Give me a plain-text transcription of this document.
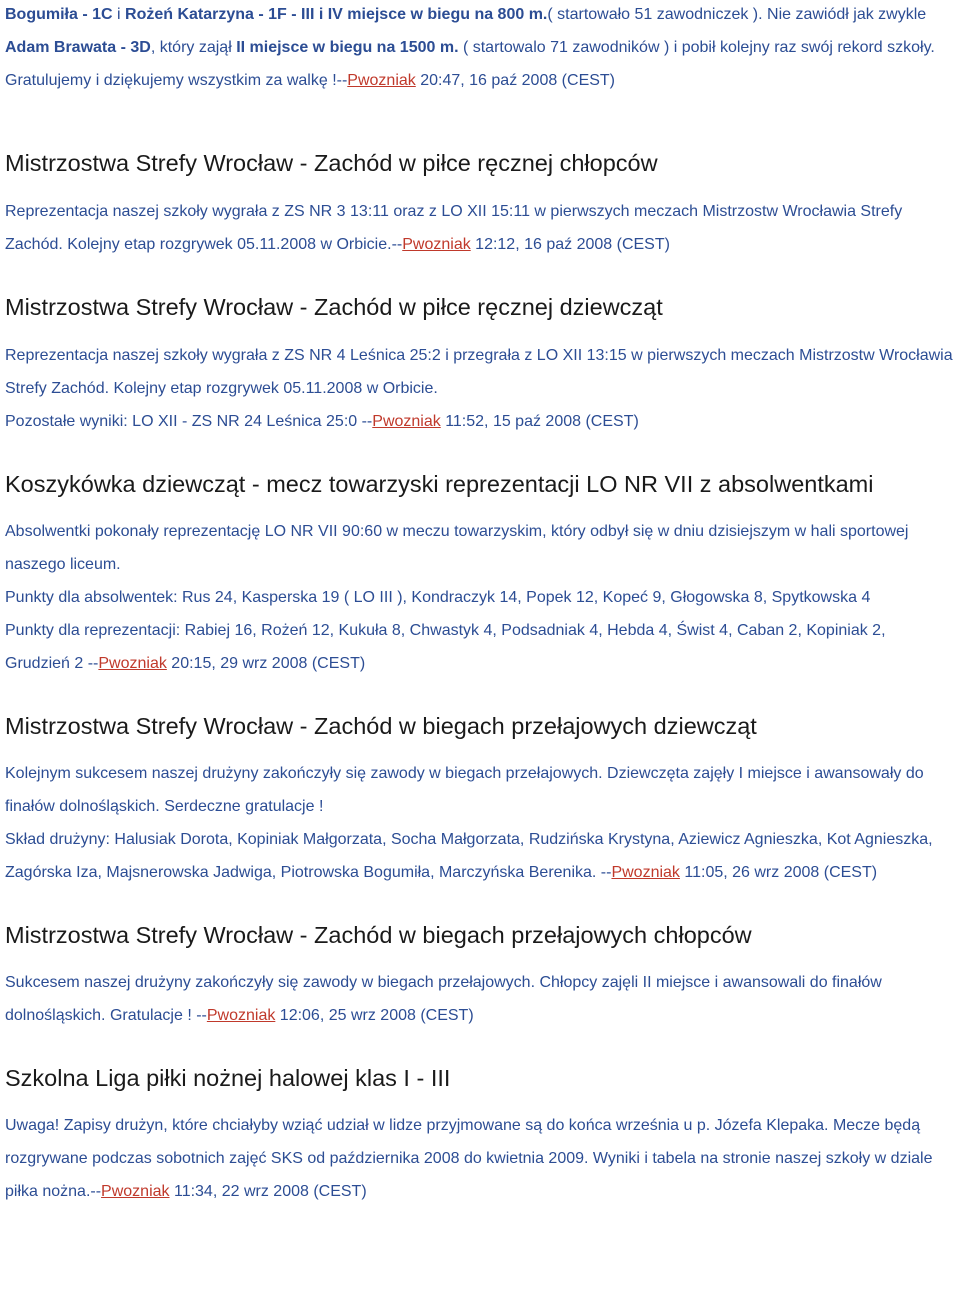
Bogumiła - 1C i Rożeń Katarzyna - 1F - III i IV miejsce w biegu na 800 m.( startowało 51 zawodniczek ). Nie zawiódł jak zwykle Adam Brawata - 3D, który zajął II miejsce w biegu na 1500 m. ( startowalo 71 zawodników ) i pobił kolejny raz swój rekord szkoły. Gratulujemy i dziękujemy wszystkim za walkę !--Pwozniak 20:47, 16 paź 2008 (CEST)

Mistrzostwa Strefy Wrocław - Zachód w piłce ręcznej chłopców

Reprezentacja naszej szkoły wygrała z ZS NR 3 13:11 oraz z LO XII 15:11 w pierwszych meczach Mistrzostw Wrocławia Strefy Zachód. Kolejny etap rozgrywek 05.11.2008 w Orbicie.--Pwozniak 12:12, 16 paź 2008 (CEST)

Mistrzostwa Strefy Wrocław - Zachód w piłce ręcznej dziewcząt

Reprezentacja naszej szkoły wygrała z ZS NR 4 Leśnica 25:2 i przegrała z LO XII 13:15 w pierwszych meczach Mistrzostw Wrocławia Strefy Zachód. Kolejny etap rozgrywek 05.11.2008 w Orbicie.

Pozostałe wyniki: LO XII - ZS NR 24 Leśnica 25:0 --Pwozniak 11:52, 15 paź 2008 (CEST)

Koszykówka dziewcząt - mecz towarzyski reprezentacji LO NR VII z absolwentkami

Absolwentki pokonały reprezentację LO NR VII 90:60 w meczu towarzyskim, który odbył się w dniu dzisiejszym w hali sportowej naszego liceum.

Punkty dla absolwentek: Rus 24, Kasperska 19 ( LO III ), Kondraczyk 14, Popek 12, Kopeć 9, Głogowska 8, Spytkowska 4

Punkty dla reprezentacji: Rabiej 16, Rożeń 12, Kukuła 8, Chwastyk 4, Podsadniak 4, Hebda 4, Świst 4, Caban 2, Kopiniak 2, Grudzień 2 --Pwozniak 20:15, 29 wrz 2008 (CEST)

Mistrzostwa Strefy Wrocław - Zachód w biegach przełajowych dziewcząt

Kolejnym sukcesem naszej drużyny zakończyły się zawody w biegach przełajowych. Dziewczęta zajęły I miejsce i awansowały do finałów dolnośląskich. Serdeczne gratulacje !

Skład drużyny: Halusiak Dorota, Kopiniak Małgorzata, Socha Małgorzata, Rudzińska Krystyna, Aziewicz Agnieszka, Kot Agnieszka, Zagórska Iza, Majsnerowska Jadwiga, Piotrowska Bogumiła, Marczyńska Berenika. --Pwozniak 11:05, 26 wrz 2008 (CEST)

Mistrzostwa Strefy Wrocław - Zachód w biegach przełajowych chłopców

Sukcesem naszej drużyny zakończyły się zawody w biegach przełajowych. Chłopcy zajęli II miejsce i awansowali do finałów dolnośląskich. Gratulacje ! --Pwozniak 12:06, 25 wrz 2008 (CEST)

Szkolna Liga piłki nożnej halowej klas I - III

Uwaga! Zapisy drużyn, które chciałyby wziąć udział w lidze przyjmowane są do końca września u p. Józefa Klepaka. Mecze będą rozgrywane podczas sobotnich zajęć SKS od października 2008 do kwietnia 2009. Wyniki i tabela na stronie naszej szkoły w dziale piłka nożna.--Pwozniak 11:34, 22 wrz 2008 (CEST)
